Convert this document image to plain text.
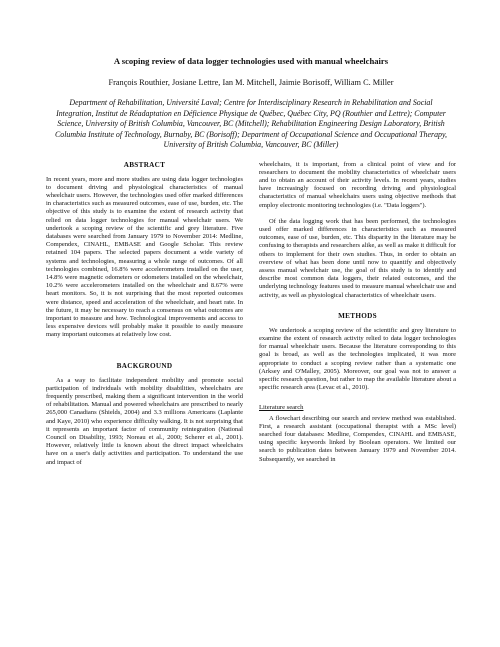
A scoping review of data logger technologies used with manual wheelchairs
François Routhier, Josiane Lettre, Ian M. Mitchell, Jaimie Borisoff, William C. Miller
Department of Rehabilitation, Université Laval; Centre for Interdisciplinary Research in Rehabilitation and Social Integration, Institut de Réadaptation en Déficience Physique de Québec, Québec City, PQ (Routhier and Lettre); Computer Science, University of British Columbia, Vancouver, BC (Mitchell); Rehabilitation Engineering Design Laboratory, British Columbia Institute of Technology, Burnaby, BC (Borisoff); Department of Occupational Science and Occupational Therapy, University of British Columbia, Vancouver, BC (Miller)
ABSTRACT

In recent years, more and more studies are using data logger technologies to document driving and physiological characteristics of manual wheelchair users. However, the technologies used offer marked differences in characteristics such as measured outcomes, ease of use, burden, etc. The objective of this study is to examine the extent of research activity that relied on data logger technologies for manual wheelchair users. We undertook a scoping review of the scientific and grey literature. Five databases were searched from January 1979 to November 2014: Medline, Compendex, CINAHL, EMBASE and Google Scholar. This review retained 104 papers. The selected papers document a wide variety of systems and technologies, measuring a whole range of outcomes. Of all technologies combined, 16.8% were accelerometers installed on the user, 14.8% were magnetic odometers or odometers installed on the wheelchair, 10.2% were accelerometers installed on the wheelchair and 8.67% were heart monitors. So, it is not surprising that the most reported outcomes were distance, speed and acceleration of the wheelchair, and heart rate. In the future, it may be necessary to reach a consensus on what outcomes are important to measure and how. Technological improvements and access to less expensive devices will probably make it possible to easily measure many important outcomes at relatively low cost.

BACKGROUND

As a way to facilitate independent mobility and promote social participation of individuals with mobility disabilities, wheelchairs are frequently prescribed, making them a significant intervention in the world of rehabilitation. Manual and powered wheelchairs are prescribed to nearly 265,000 Canadians (Shields, 2004) and 3.3 millions Americans (Laplante and Kaye, 2010) who experience difficulty walking. It is not surprising that it represents an important factor of community reintegration (National Council on Disability, 1993; Noreau et al., 2000; Scherer et al., 2001). However, relatively little is known about the direct impact wheelchairs have on a user's daily activities and participation. To understand the use and impact of

wheelchairs, it is important, from a clinical point of view and for researchers to document the mobility characteristics of wheelchair users and to obtain an account of their activity levels. In recent years, studies have increasingly focused on recording driving and physiological characteristics of manual wheelchairs users using objective methods that employ electronic monitoring technologies (i.e. "Data loggers").

Of the data logging work that has been performed, the technologies used offer marked differences in characteristics such as measured outcomes, ease of use, burden, etc. This disparity in the literature may be confusing to therapists and researchers alike, as well as make it difficult for others to implement for their own studies. Thus, in order to obtain an overview of what has been done until now to quantify and objectively assess manual wheelchair use, the goal of this study is to identify and describe most common data loggers, their related outcomes, and the underlying technology features used to measure manual wheelchair use and activity, as well as physiological characteristics of wheelchair users.

METHODS

We undertook a scoping review of the scientific and grey literature to examine the extent of research activity relied to data logger technologies for manual wheelchair users. Because the literature corresponding to this goal is broad, as well as the technologies implicated, it was more appropriate to conduct a scoping review rather than a systematic one (Arksey and O'Malley, 2005). Moreover, our goal was not to answer a specific research question, but rather to map the available literature about a specific research area (Levac et al., 2010).

Literature search

A flowchart describing our search and review method was established. First, a research assistant (occupational therapist with a MSc level) searched four databases: Medline, Compendex, CINAHL and EMBASE, using specific keywords linked by Boolean operators. We limited our search to publication dates between January 1979 and November 2014. Subsequently, we searched in
